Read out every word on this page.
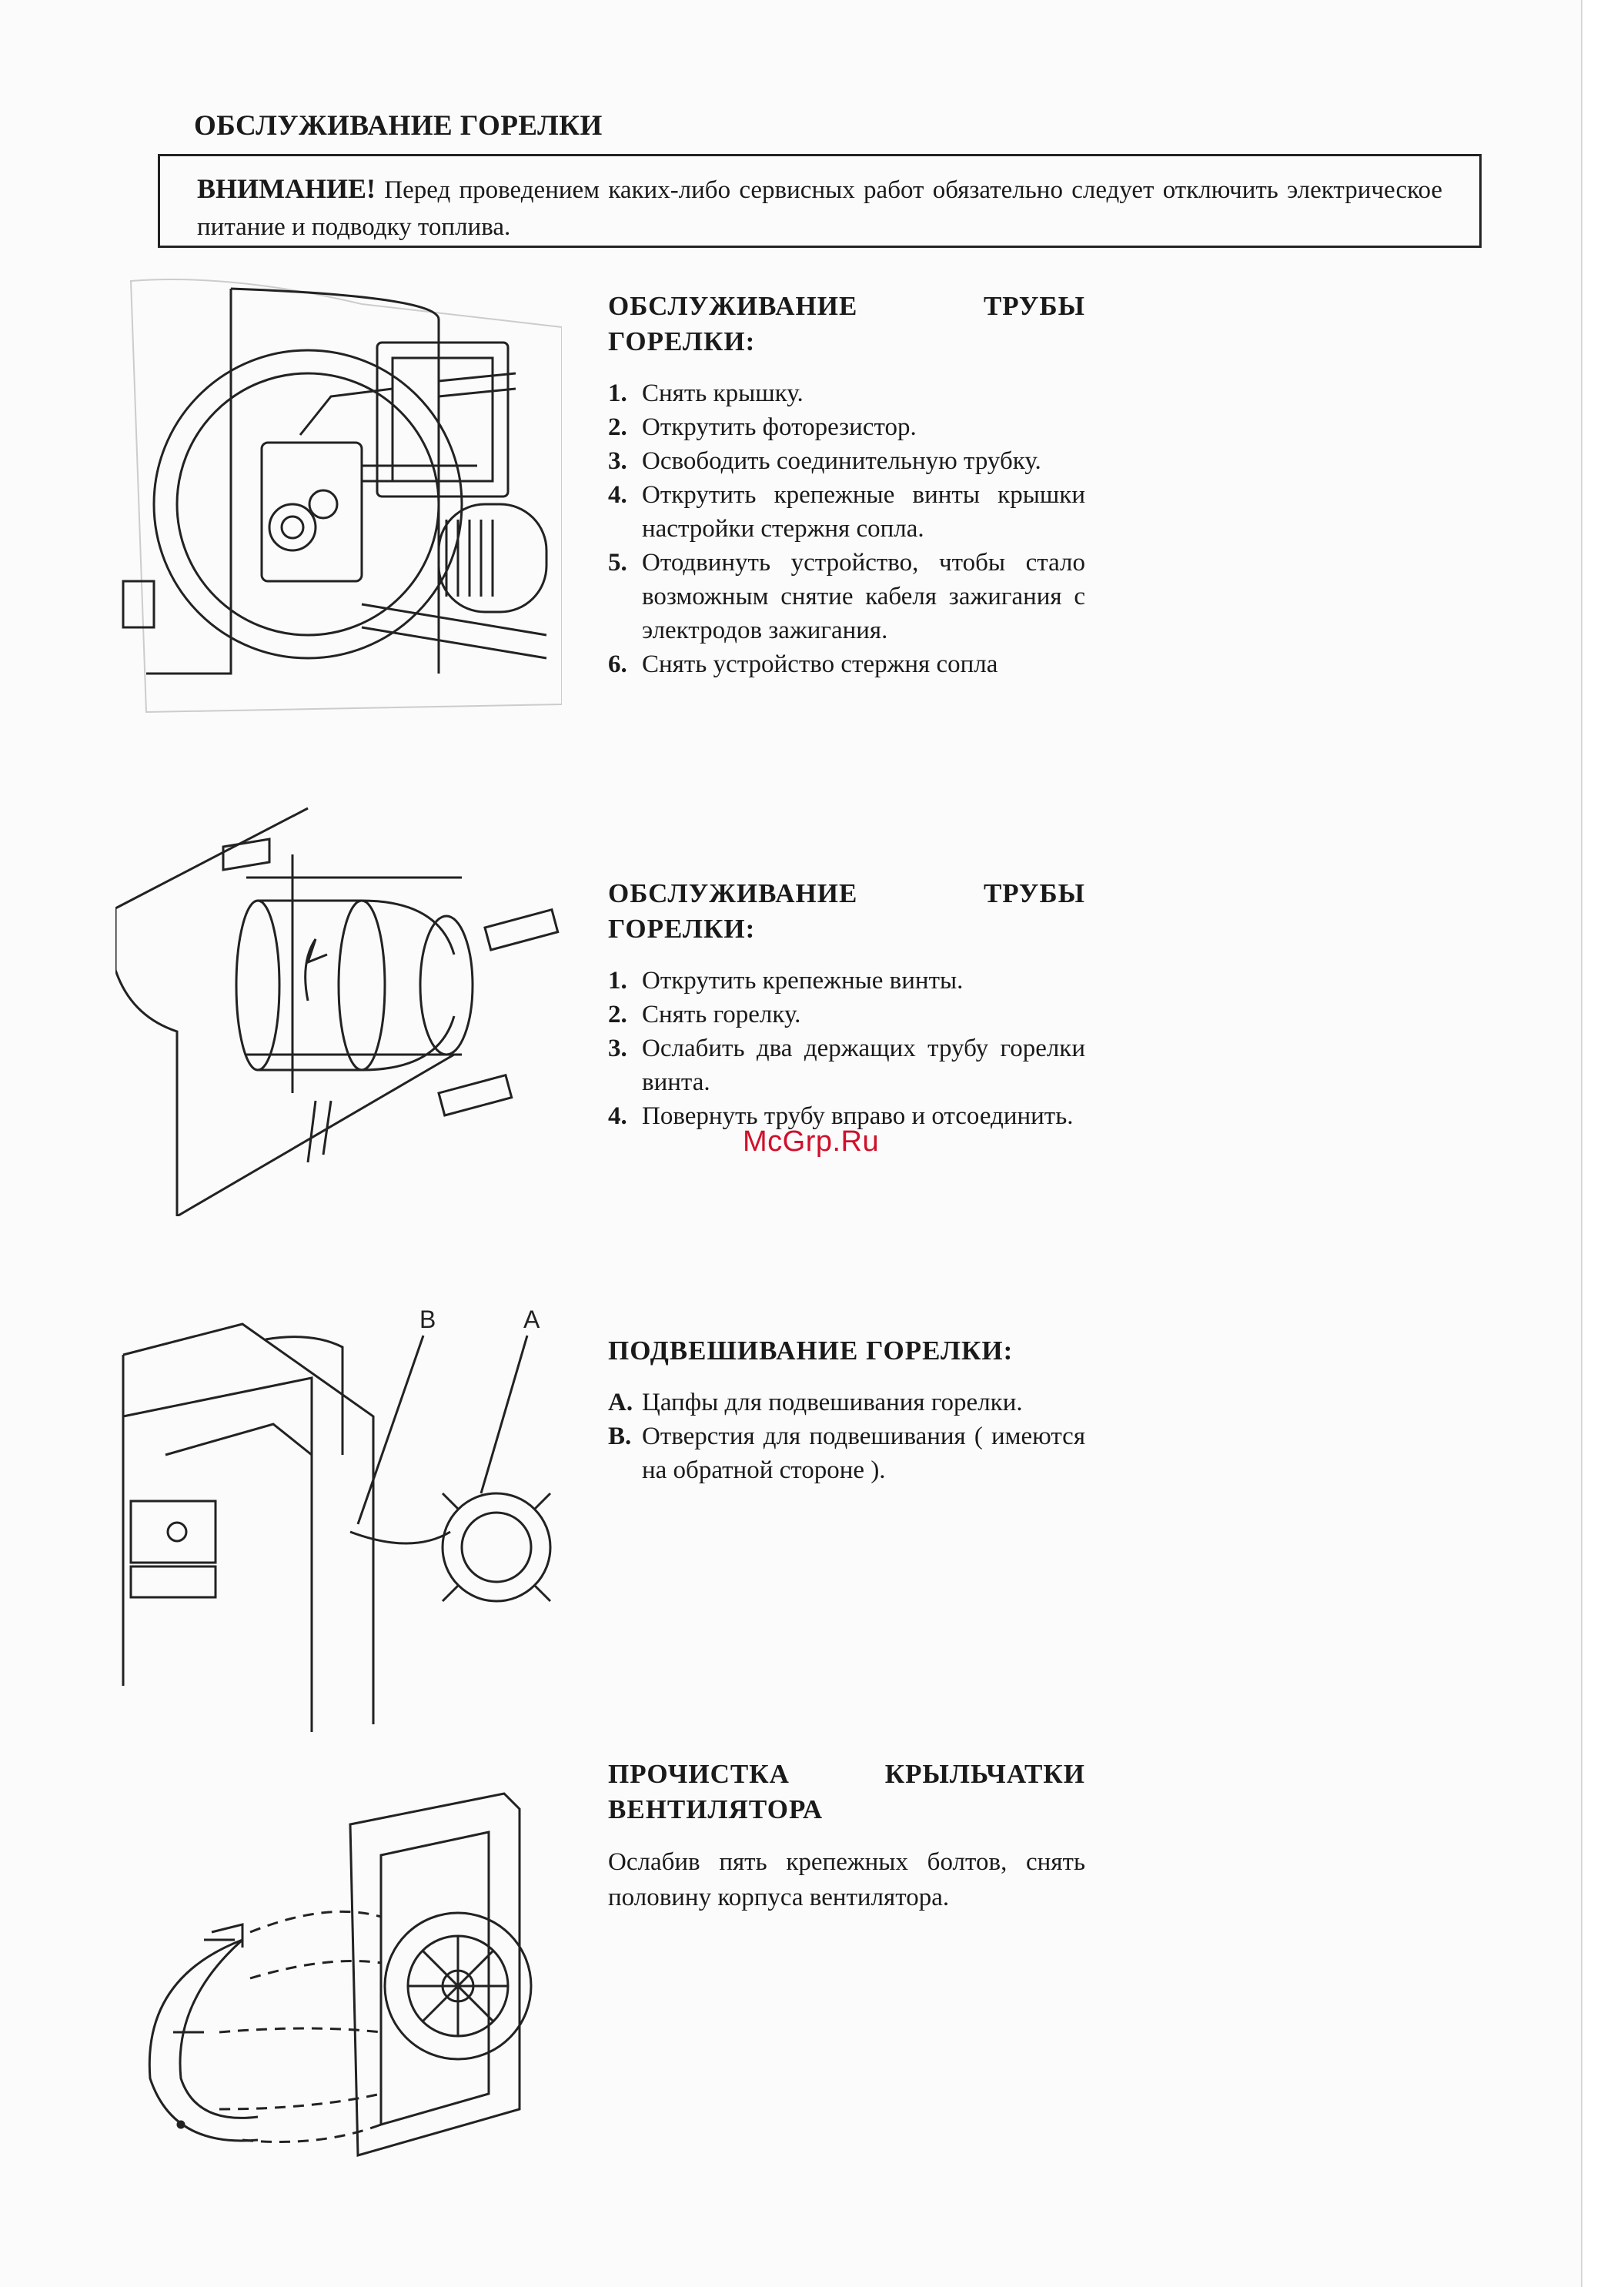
ОБСЛУЖИВАНИЕ ГОРЕЛКИ
ВНИМАНИЕ! Перед проведением каких-либо сервисных работ обязательно следует отключить электрическое питание и подводку топлива.
ОБСЛУЖИВАНИЕ ТРУБЫ ГОРЕЛКИ:
1. Снять крышку.
2. Открутить фоторезистор.
3. Освободить соединительную трубку.
4. Открутить крепежные винты крышки настройки стержня сопла.
5. Отодвинуть устройство, чтобы стало возможным снятие кабеля зажигания с электродов зажигания.
6. Снять устройство стержня сопла
ОБСЛУЖИВАНИЕ ТРУБЫ ГОРЕЛКИ:
1. Открутить крепежные винты.
2. Снять горелку.
3. Ослабить два держащих трубу горелки винта.
4. Повернуть трубу вправо и отсоединить.
McGrp.Ru
B	A
ПОДВЕШИВАНИЕ ГОРЕЛКИ:
A. Цапфы для подвешивания горелки.
B. Отверстия для подвешивания ( имеются на обратной стороне ).
ПРОЧИСТКА КРЫЛЬЧАТКИ ВЕНТИЛЯТОРА
Ослабив пять крепежных болтов, снять половину корпуса вентилятора.
